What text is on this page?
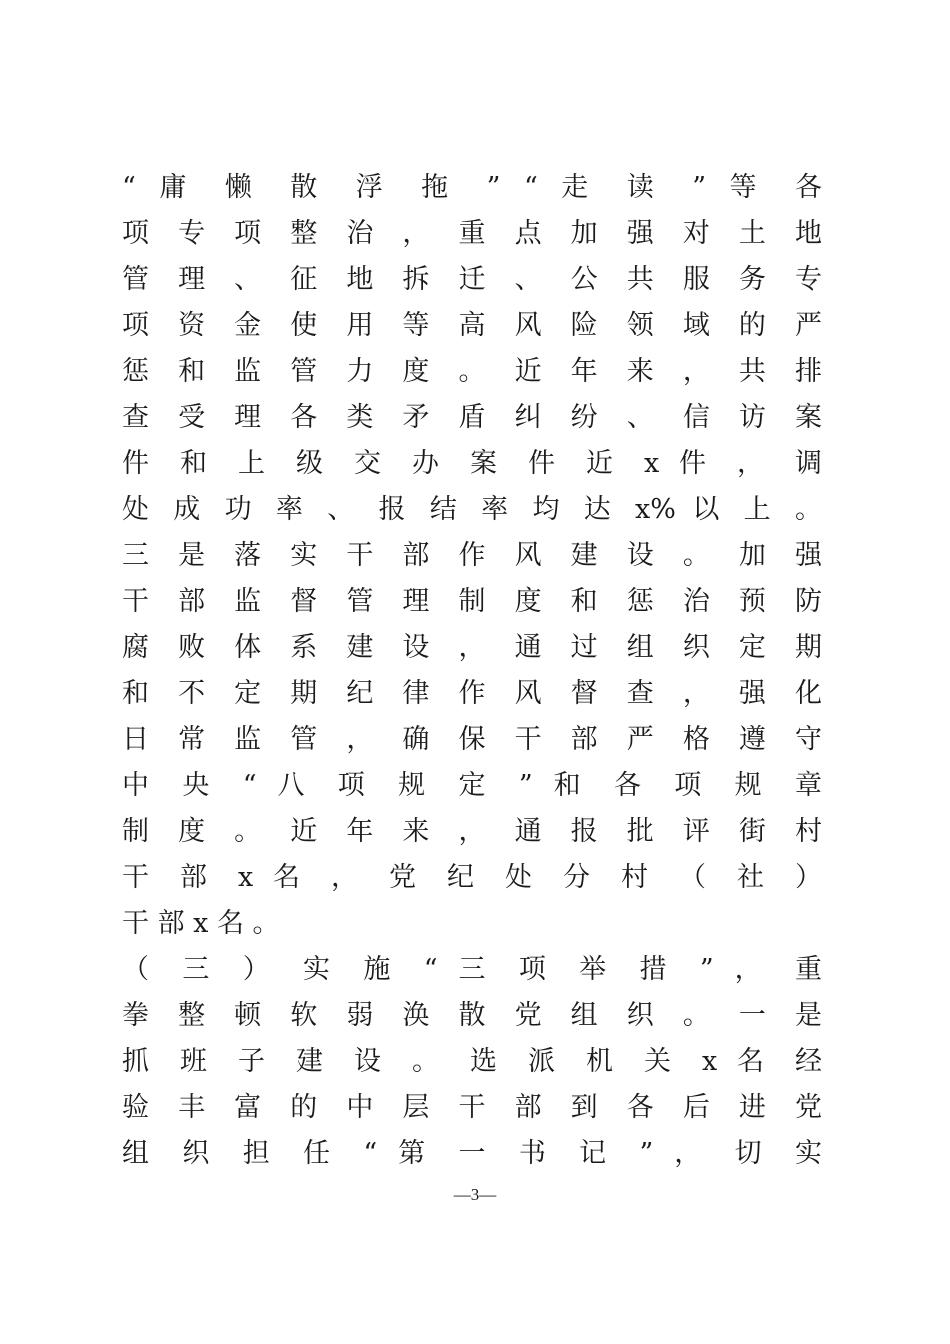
“ 庸 懒 散 浮 拖 ” “ 走 读 ” 等 各
项 专 项 整 治 ， 重 点 加 强 对 土 地
管 理 、 征 地 拆 迁 、 公 共 服 务 专
项 资 金 使 用 等 高 风 险 领 域 的 严
惩 和 监 管 力 度 。 近 年 来 ， 共 排
查 受 理 各 类 矛 盾 纠 纷 、 信 访 案
件 和 上 级 交 办 案 件 近 x 件 ， 调
处 成 功 率 、 报 结 率 均 达 x% 以 上 。
三 是 落 实 干 部 作 风 建 设 。 加 强
干 部 监 督 管 理 制 度 和 惩 治 预 防
腐 败 体 系 建 设 ， 通 过 组 织 定 期
和 不 定 期 纪 律 作 风 督 查 ， 强 化
日 常 监 管 ， 确 保 干 部 严 格 遵 守
中 央 “ 八 项 规 定 ” 和 各 项 规 章
制 度 。 近 年 来 ， 通 报 批 评 街 村
干 部 x 名 ， 党 纪 处 分 村 （ 社 ）
干 部 x 名 。
（ 三 ） 实 施 “ 三 项 举 措 ” ， 重
拳 整 顿 软 弱 涣 散 党 组 织 。 一 是
抓 班 子 建 设 。 选 派 机 关 x 名 经
验 丰 富 的 中 层 干 部 到 各 后 进 党
组 织 担 任 “ 第 一 书 记 ” ， 切 实
—3—
